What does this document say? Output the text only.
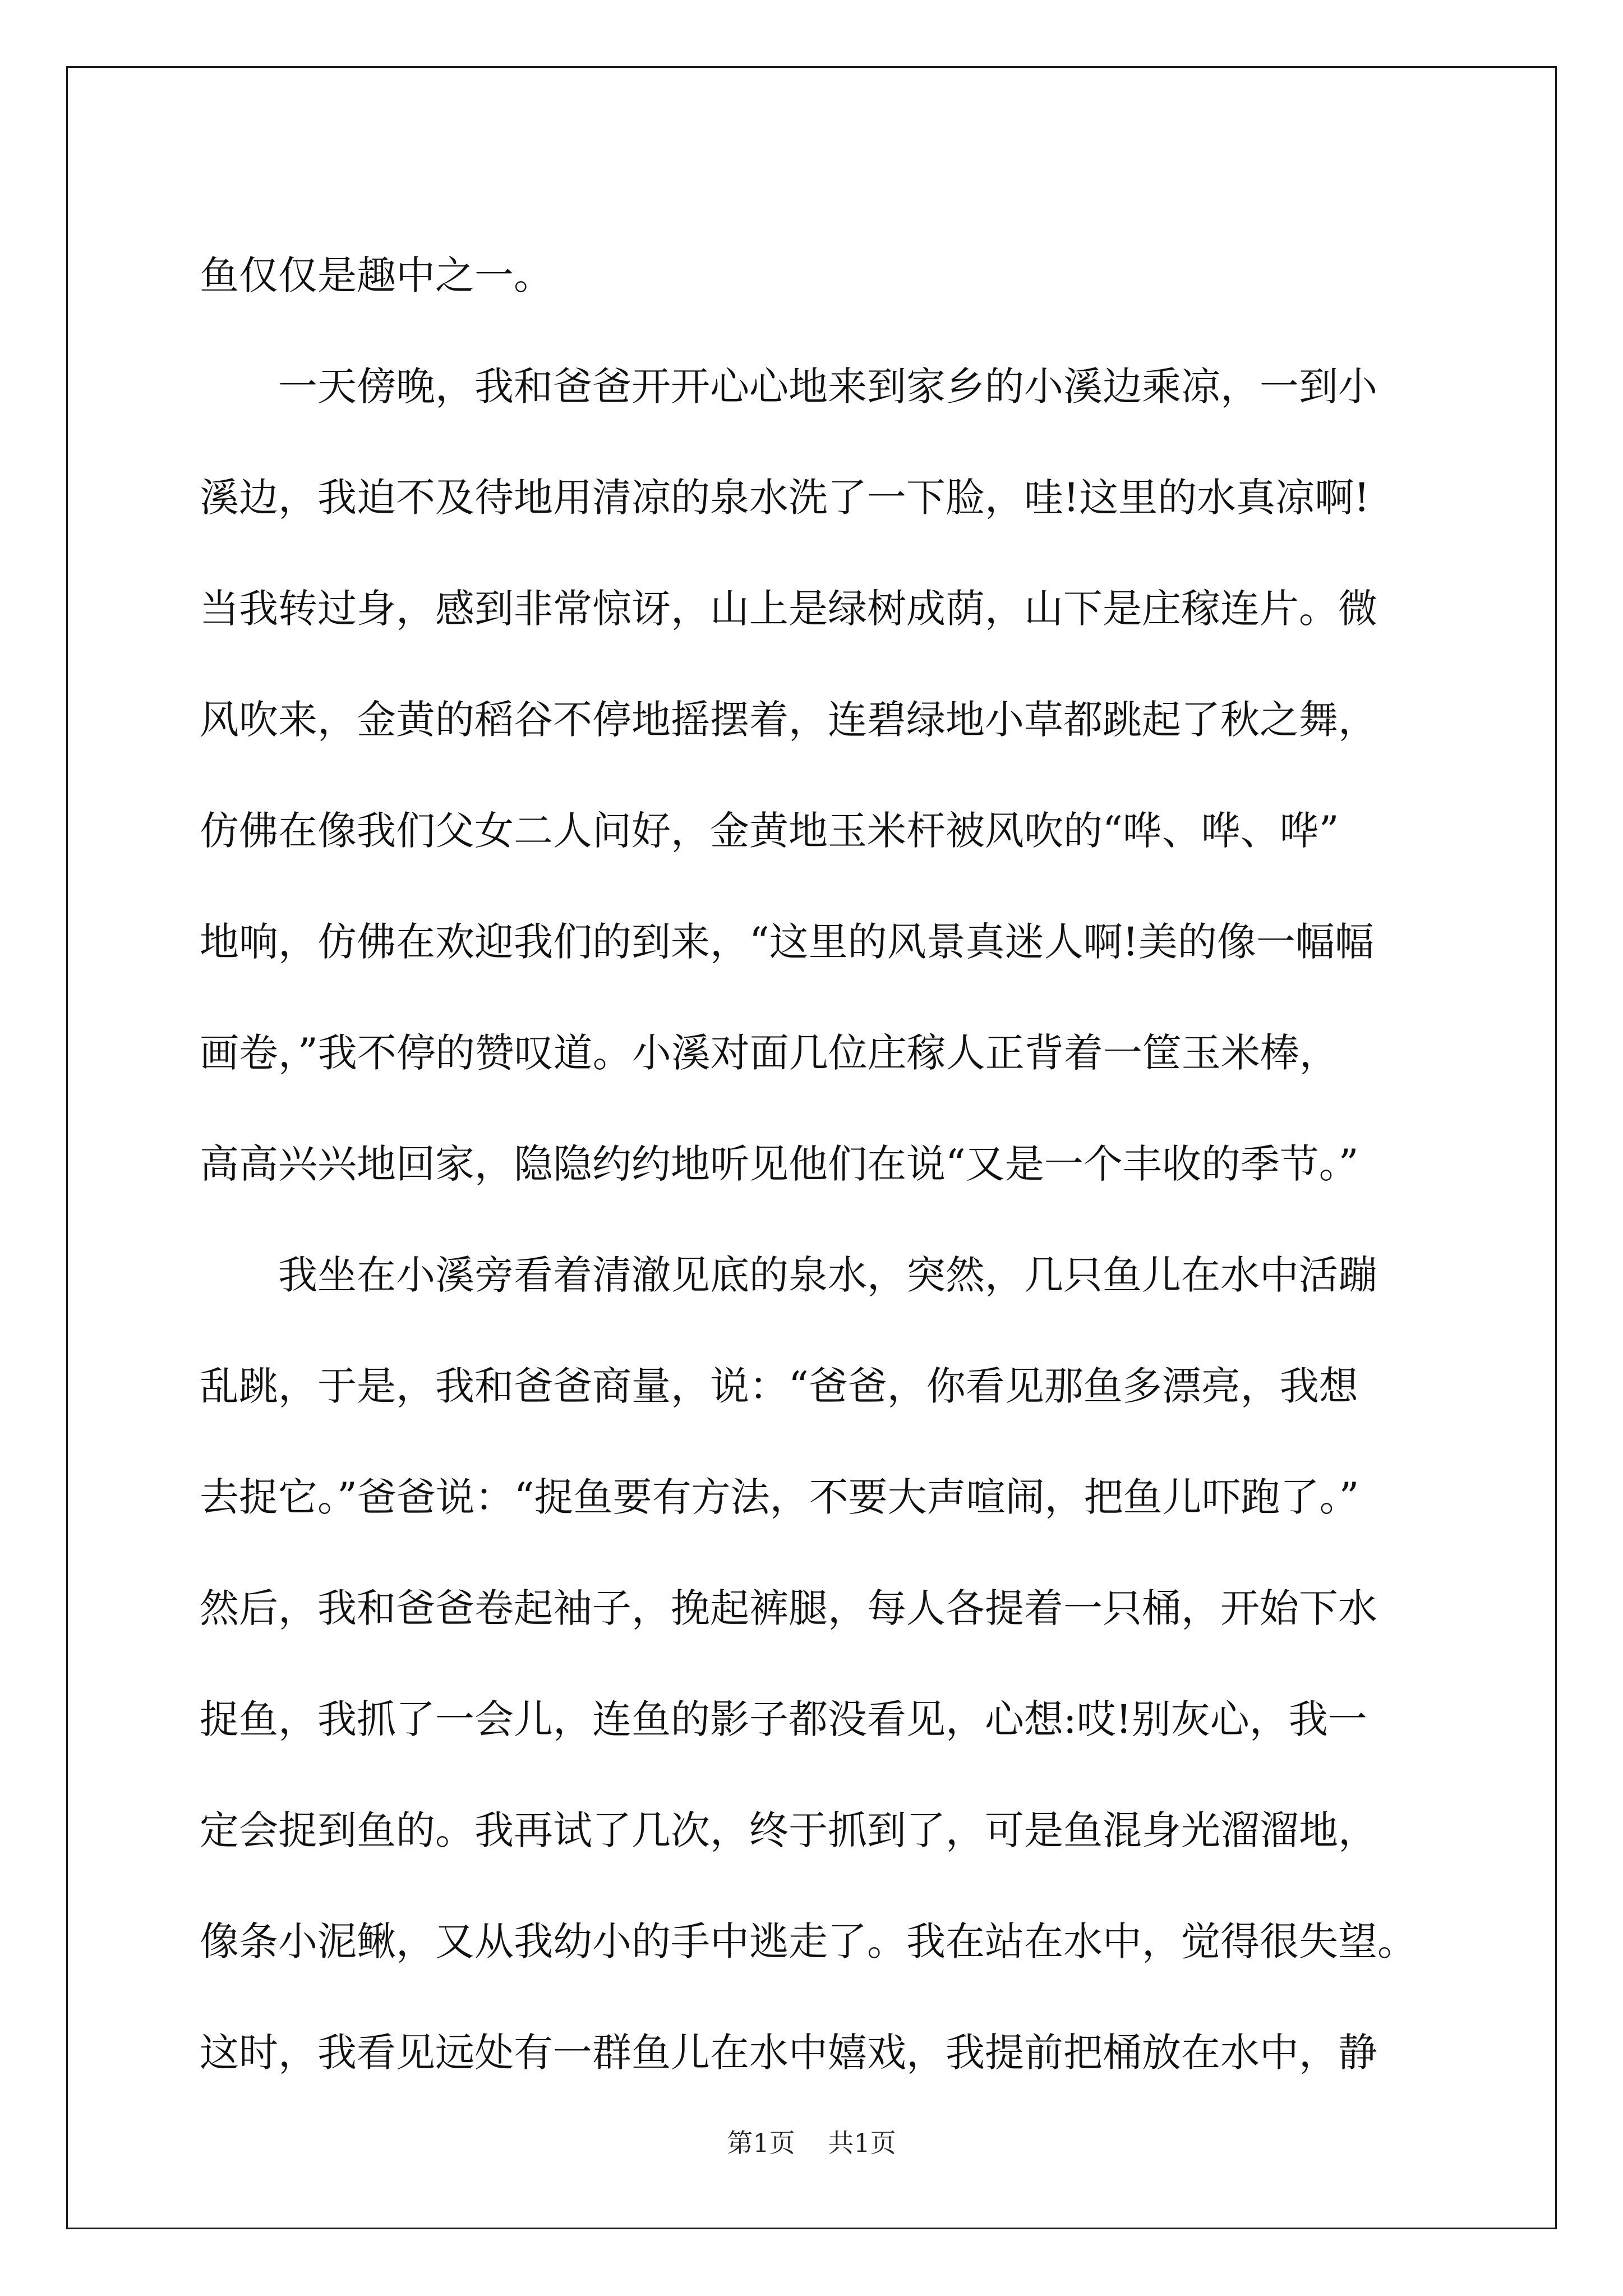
鱼仅仅是趣中之一。
一天傍晚，我和爸爸开开心心地来到家乡的小溪边乘凉，一到小
溪边，我迫不及待地用清凉的泉水洗了一下脸，哇!这里的水真凉啊!
当我转过身，感到非常惊讶，山上是绿树成荫，山下是庄稼连片。微
风吹来，金黄的稻谷不停地摇摆着，连碧绿地小草都跳起了秋之舞，
仿佛在像我们父女二人问好，金黄地玉米杆被风吹的“哗、哗、哗”
地响，仿佛在欢迎我们的到来，“这里的风景真迷人啊!美的像一幅幅
画卷，”我不停的赞叹道。小溪对面几位庄稼人正背着一筐玉米棒，
高高兴兴地回家，隐隐约约地听见他们在说“又是一个丰收的季节。”
我坐在小溪旁看着清澈见底的泉水，突然，几只鱼儿在水中活蹦
乱跳，于是，我和爸爸商量，说：“爸爸，你看见那鱼多漂亮，我想
去捉它。”爸爸说：“捉鱼要有方法，不要大声喧闹，把鱼儿吓跑了。”
然后，我和爸爸卷起袖子，挽起裤腿，每人各提着一只桶，开始下水
捉鱼，我抓了一会儿，连鱼的影子都没看见，心想:哎!别灰心，我一
定会捉到鱼的。我再试了几次，终于抓到了，可是鱼混身光溜溜地，
像条小泥鳅，又从我幼小的手中逃走了。我在站在水中，觉得很失望。
这时，我看见远处有一群鱼儿在水中嬉戏，我提前把桶放在水中，静
第1页 共1页
